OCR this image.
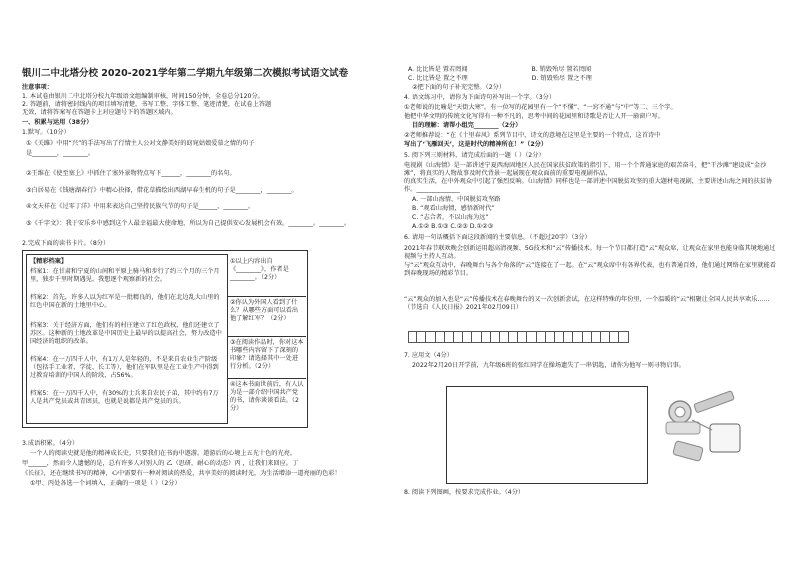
银川二中北塔分校 2020-2021学年第二学期九年级第二次模拟考试语文试卷
注意事项：
1. 本试卷由银川二中北塔分校九年级语文组编制审核，时间150分钟，全卷总分120分。
2. 答题前，请将密封线内的项目填写清楚，书写工整、字体工整、笔迹清楚，在试卷上答题
无效，请将答案写在答题卡上对应题号下的答题区域内。
一、积累与运用（38分）
1.默写。（10分）
①《关雎》中用“兴”的手法写出了行情主人公对文静美好的窈窕姑娘爱慕之情的句子
是________，________。
②王维在《使至塞上》中抓住了塞外景物特点写下______，________的名句。
③白居易在《钱塘湖春行》中精心抉择，借花草描绘出西湖早春生机的句子是________，________。
④文天祥在《过零丁洋》中用来表达自己坚持民族气节的句子是______，________。
⑤《千字文》：我于安乐乡中感到这个人最幸福最大使命地，所以为自己提供安心发展机会有效。________。________。
2.完成下面的读书卡片。（8分）
【精彩档案】
档案1：在甘肃和宁夏的山间和平原上骑马和步行了约三个月的三个月里，独步千里时期遇见。我想逐个观察新的社会。
档案2：首先，许多人以为红军是一批精良的，他们在北边乱大山里的红色中国在新的土地里中心。
档案3：关于经济方面，他们有的村庄建立了红色政权，他们还建立了苏区。这种新的土地改革是中国历史上最早的以提高社会，努力改造中国经济的组织的改革。
档案4：在一万四千人中，有1万人是年轻的，不是来自农业生产阶级（包括手工业者、学徒、长工等），他们在军队里是在工业生产中得到过教育培训的中国人的阶段，占56%。
档案5：在一万四千人中，有30%的士兵来自农民子弟，其中约有7万人是共产党员或共青团员，也就是说都是共产党员的兵。
①以上内容出自《________》，作者是________。（2分）
②你认为外国人看到了什么？从哪些方面可以看出他了解红军？（2分）
③在阅读作品时，你对这本书哪些内容留下了深刻的印象？请选择其中一处进行分析。（2分）
④这本书面世前后，有人认为是一部介绍中国共产党的书，请你谈谈看法。（2分）
3.成语积累。（4分）
一个人的阅读史就是他的精神成长史，只要我们在书海中遨游，遨游后的心境上五光十色的光亮。
甲______，然而令人遗憾的是，总有许多人对别人的 乙（思研，耐心的动态）丙 ，让我们来回应。丁
《长征》，还在继续书写的精神，心中需要有一种对阅读的热爱，共享美好的阅读时光，为生活增添一道亮丽的色彩！
①甲、丙处各选一个词填入，正确的一项是（ ）（2分）
A. 比比皆是 置若罔闻	B. 销毁殆尽 置若罔闻
C. 比比皆是 置之不理	D. 销毁殆尽 置之不理
②把下面的句子补充完整。（2分）
4. 语文练习中，请你为下面诗句补写出一个字。（3分）
①老师说的比喻是“天街大寒”。有一位写的花园里有一个“不懂”、“一窍不通”与“中”等二、三个字。
他把中华文明的传统文化写得有一种不凡的，思考中间的花园里和诗歌是否让人开一扇窗户写。
目的理解：请帮小组完________（2分）
②老师推荐说：“在《十里春风》系列节目中，诗文的意境在这里是主要的一个特点，这首诗中
写出了‘飞雁回天’，这是时代的精神所在！”（2分）
5. 阅下列三则材料，请完成后面的一题（ ）（2分）
电视剧《山海情》是一部讲述宁夏西海固地区人民在国家扶贫政策的指引下，用一个个普通家庭的艰苦奋斗，把“干沙滩”建设成“金沙滩”，将真实的人物故事及时代背景一起展现在观众面前的重要电视剧作品，
的真实生活，在中外观众中引起了强烈反响。《山海情》同样也是一部讲述中国脱贫攻坚的重大题材电视剧，主要讲述山海之间的扶贫协作。______________
A. 一部山海情，中国脱贫攻坚路
B. “观看山海情，感悟新时代”
C. “志合者，不以山海为远”
A.①② B.①③ C.②③ D.①②③
6. 请用一句话概括下面这段新闻的主要信息。（不超过20字）（3分）
2021年春节联欢晚会创新运用超高清视频、5G技术和“云”传播技术。每一个节目都打造“云”观众席，让观众在家里也能身临其境地通过视频与主持人互动。
与“云”观众互动中，春晚舞台与各个角落的“云”连接在了一起。在“云”观众席中有各界代表，也有普通百姓，他们通过网络在家里就能看到春晚现场的精彩节目。
“云”观众的加入也是“云”传播技术在春晚舞台的又一次创新尝试，在这样特殊的年份里，一个温暖的“云”相聚让全国人民共享欢乐……（节选自《人民日报》2021年02月09日）
7. 应用文（4分）
2022年2月20日开学前，九年级6班的张红同学在操场遗失了一串钥匙，请你为他写一则寻物启事。
8. 阅读下列图画，按要求完成作业。（4分）
